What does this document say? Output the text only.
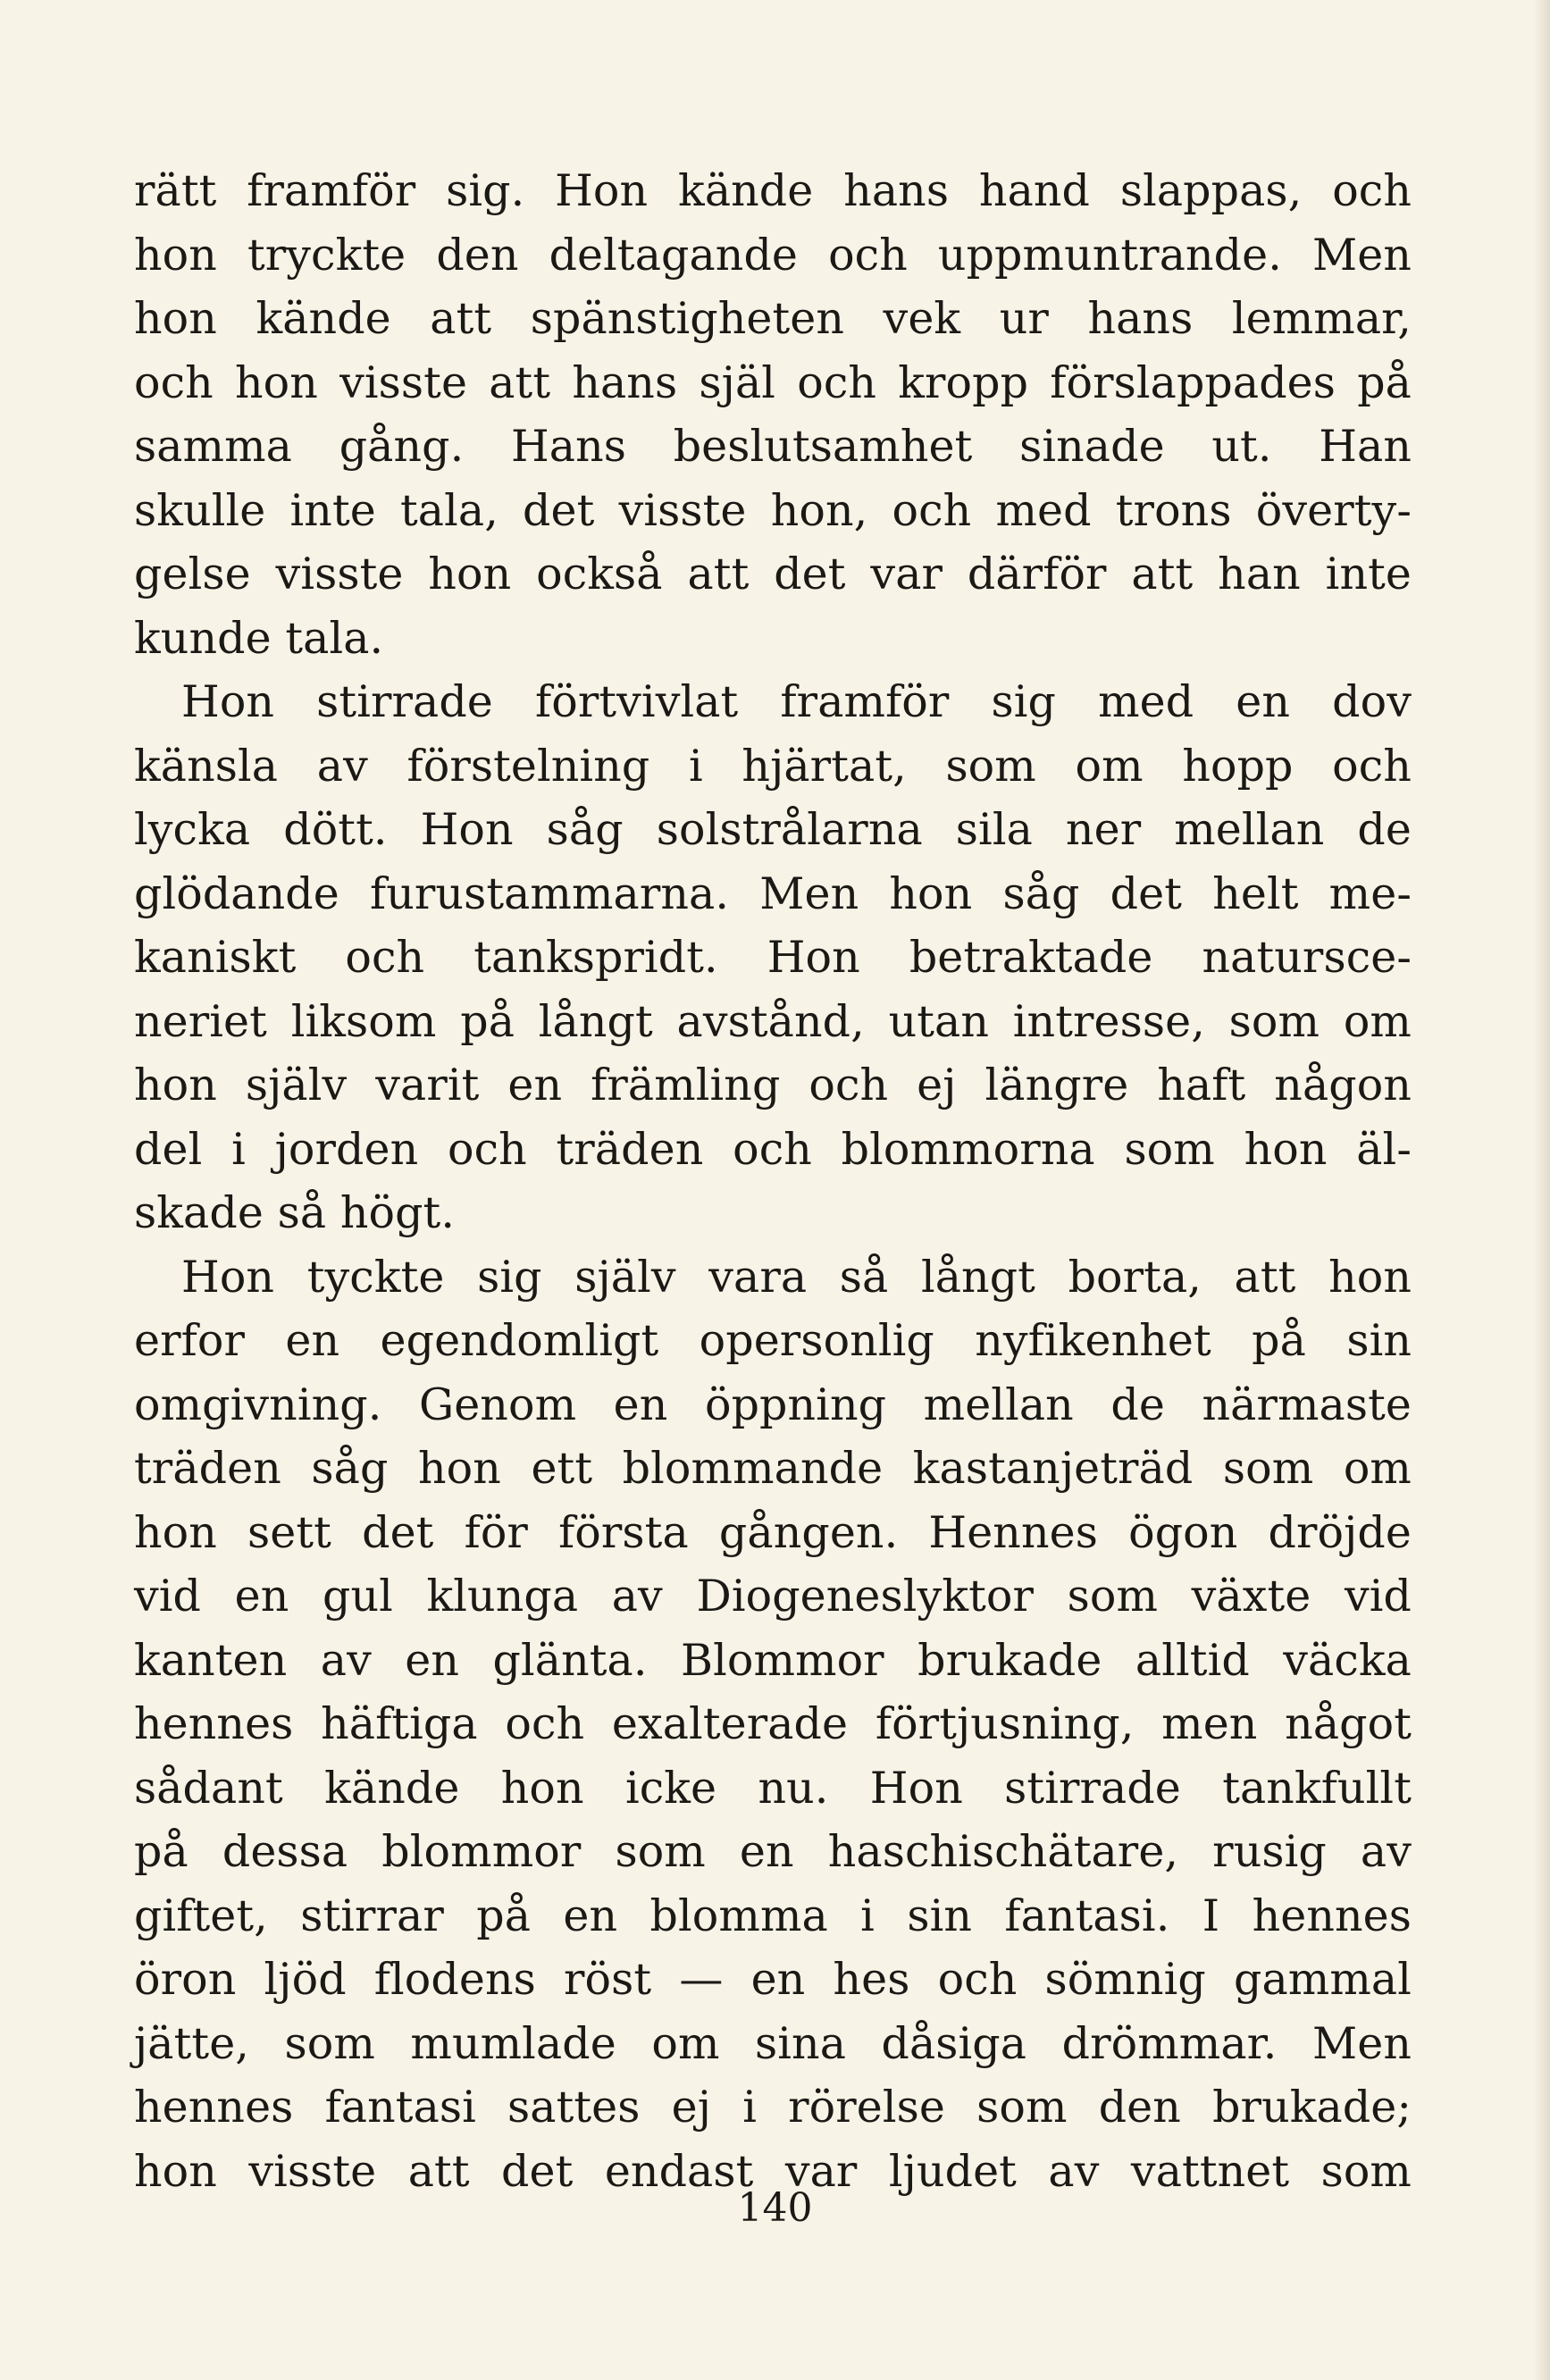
rätt framför sig. Hon kände hans hand slappas, och
hon tryckte den deltagande och uppmuntrande. Men
hon kände att spänstigheten vek ur hans lemmar,
och hon visste att hans själ och kropp förslappades på
samma gång. Hans beslutsamhet sinade ut. Han
skulle inte tala, det visste hon, och med trons överty-
gelse visste hon också att det var därför att han inte
kunde tala.
Hon stirrade förtvivlat framför sig med en dov
känsla av förstelning i hjärtat, som om hopp och
lycka dött. Hon såg solstrålarna sila ner mellan de
glödande furustammarna. Men hon såg det helt me-
kaniskt och tankspridt. Hon betraktade natursce-
neriet liksom på långt avstånd, utan intresse, som om
hon själv varit en främling och ej längre haft någon
del i jorden och träden och blommorna som hon äl-
skade så högt.
Hon tyckte sig själv vara så långt borta, att hon
erfor en egendomligt opersonlig nyfikenhet på sin
omgivning. Genom en öppning mellan de närmaste
träden såg hon ett blommande kastanjeträd som om
hon sett det för första gången. Hennes ögon dröjde
vid en gul klunga av Diogeneslyktor som växte vid
kanten av en glänta. Blommor brukade alltid väcka
hennes häftiga och exalterade förtjusning, men något
sådant kände hon icke nu. Hon stirrade tankfullt
på dessa blommor som en haschischätare, rusig av
giftet, stirrar på en blomma i sin fantasi. I hennes
öron ljöd flodens röst — en hes och sömnig gammal
jätte, som mumlade om sina dåsiga drömmar. Men
hennes fantasi sattes ej i rörelse som den brukade;
hon visste att det endast var ljudet av vattnet som
140
